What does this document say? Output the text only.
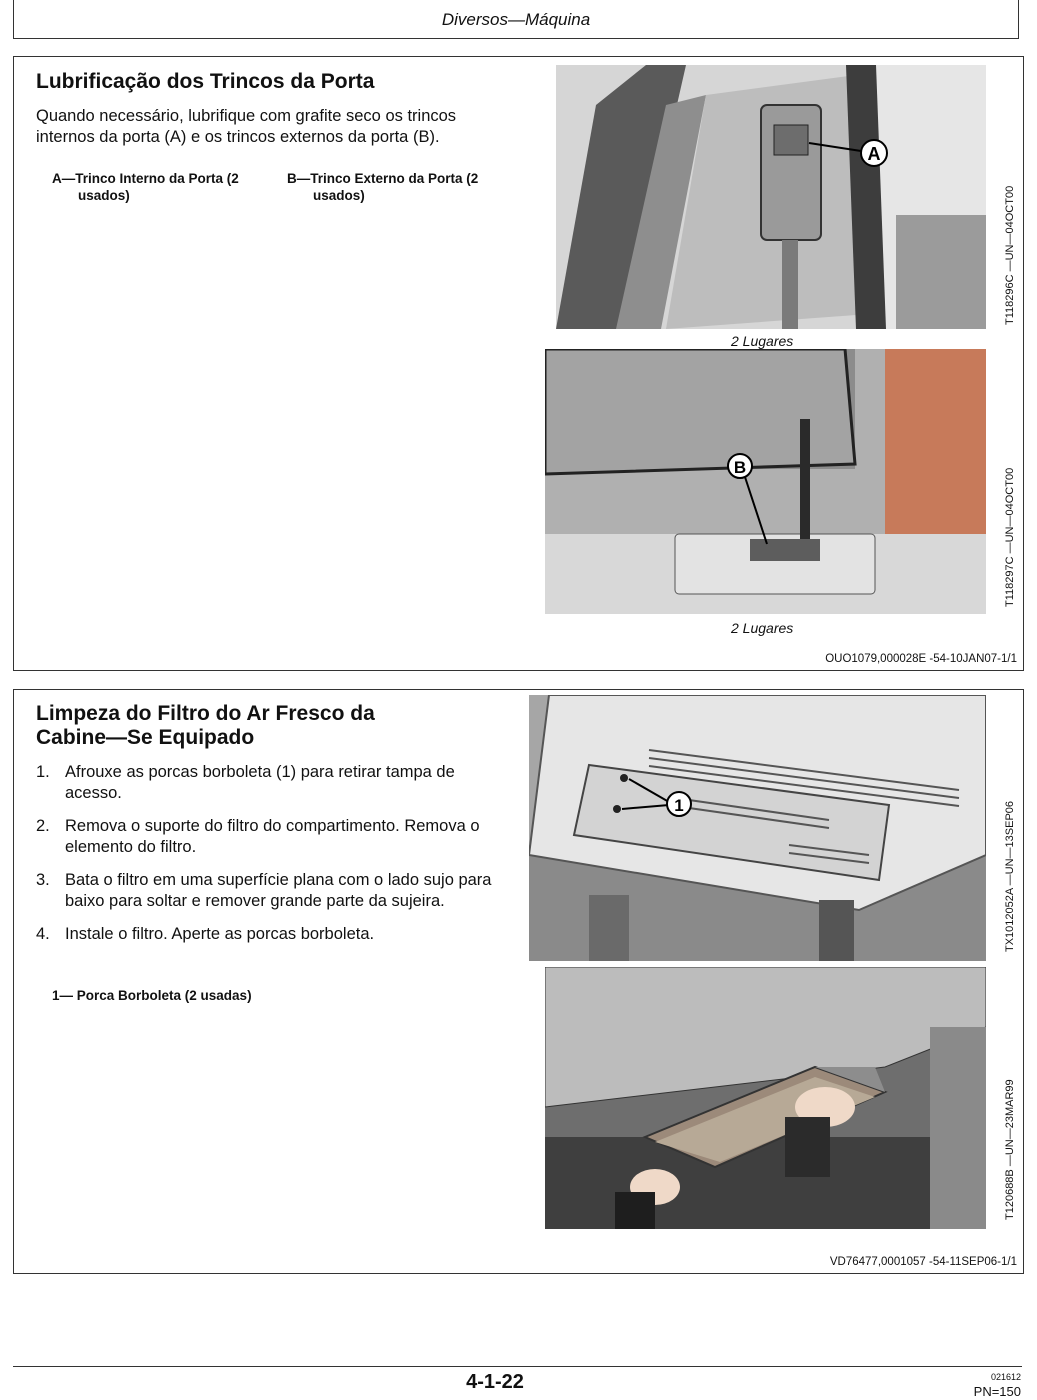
Diversos—Máquina
Lubrificação dos Trincos da Porta
Quando necessário, lubrifique com grafite seco os trincos internos da porta (A) e os trincos externos da porta (B).
A—Trinco Interno da Porta (2
usados)
B—Trinco Externo da Porta (2
usados)
A
T118296C —UN—04OCT00
2 Lugares
B
T118297C —UN—04OCT00
2 Lugares
OUO1079,000028E -54-10JAN07-1/1
Limpeza do Filtro do Ar Fresco da
Cabine—Se Equipado
1. Afrouxe as porcas borboleta (1) para retirar tampa de acesso.
2. Remova o suporte do filtro do compartimento. Remova o elemento do filtro.
3. Bata o filtro em uma superfície plana com o lado sujo para baixo para soltar e remover grande parte da sujeira.
4. Instale o filtro. Aperte as porcas borboleta.
1— Porca Borboleta (2 usadas)
1	TX1012052A —UN—13SEP06
T120688B —UN—23MAR99
VD76477,0001057 -54-11SEP06-1/1
4-1-22	021612
PN=150
